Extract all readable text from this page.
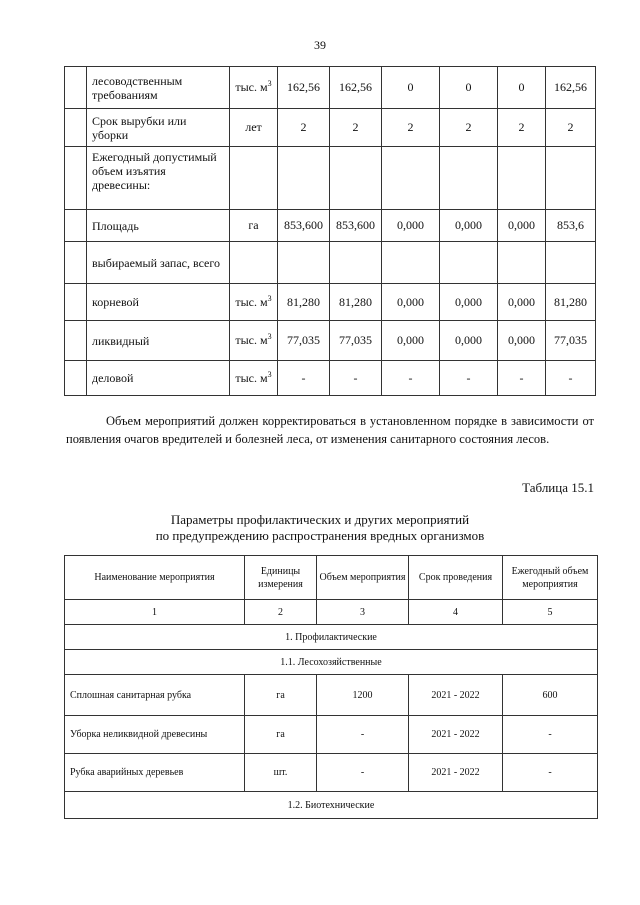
39
	лесоводственным требованиям	тыс. $м^3$	162,56	162,56	0	0	0	162,56
	Срок вырубки или уборки	лет	2	2	2	2	2	2
	Ежегодный допустимый объем изъятия древесины:							
	Площадь	га	853,600	853,600	0,000	0,000	0,000	853,6
	выбираемый запас, всего							
	корневой	тыс. $м^3$	81,280	81,280	0,000	0,000	0,000	81,280
	ликвидный	тыс. $м^3$	77,035	77,035	0,000	0,000	0,000	77,035
	деловой	тыс. $м^3$	-	-	-	-	-	-

Объем мероприятий должен корректироваться в установленном порядке в зависимости от появления очагов вредителей и болезней леса, от изменения санитарного состояния лесов.

Таблица 15.1
Параметры профилактических и других мероприятий
по предупреждению распространения вредных организмов
Наименование мероприятия	Единицы измерения	Объем мероприятия	Срок проведения	Ежегодный объем мероприятия
1	2	3	4	5
1. Профилактические				
1.1. Лесохозяйственные				
Сплошная санитарная рубка	га	1200	2021 - 2022	600
Уборка неликвидной древесины	га	-	2021 - 2022	-
Рубка аварийных деревьев	шт.	-	2021 - 2022	-
1.2. Биотехнические				
